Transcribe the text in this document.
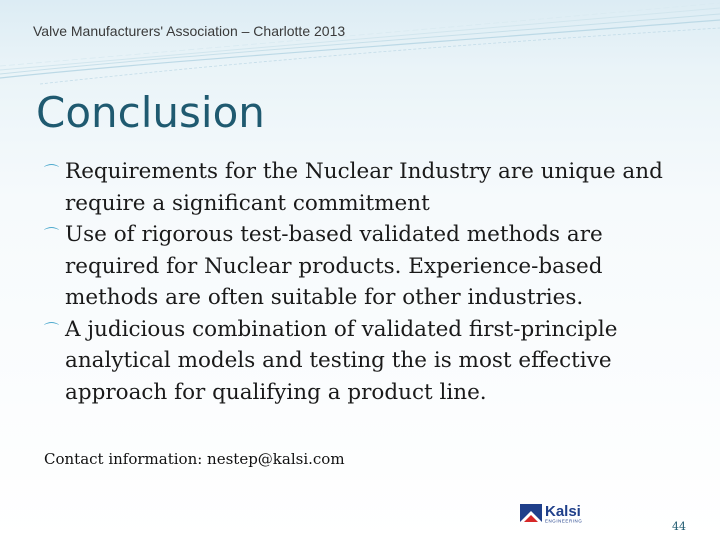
Valve Manufacturers' Association – Charlotte 2013
Conclusion
⌒ Requirements for the Nuclear Industry are unique and require a significant commitment
⌒ Use of rigorous test-based validated methods are required for Nuclear products. Experience-based methods are often suitable for other industries.
⌒ A judicious combination of validated first-principle analytical models and testing the is most effective approach for qualifying a product line.
Contact information: nestep@kalsi.com
Kalsi
ENGINEERING	44
